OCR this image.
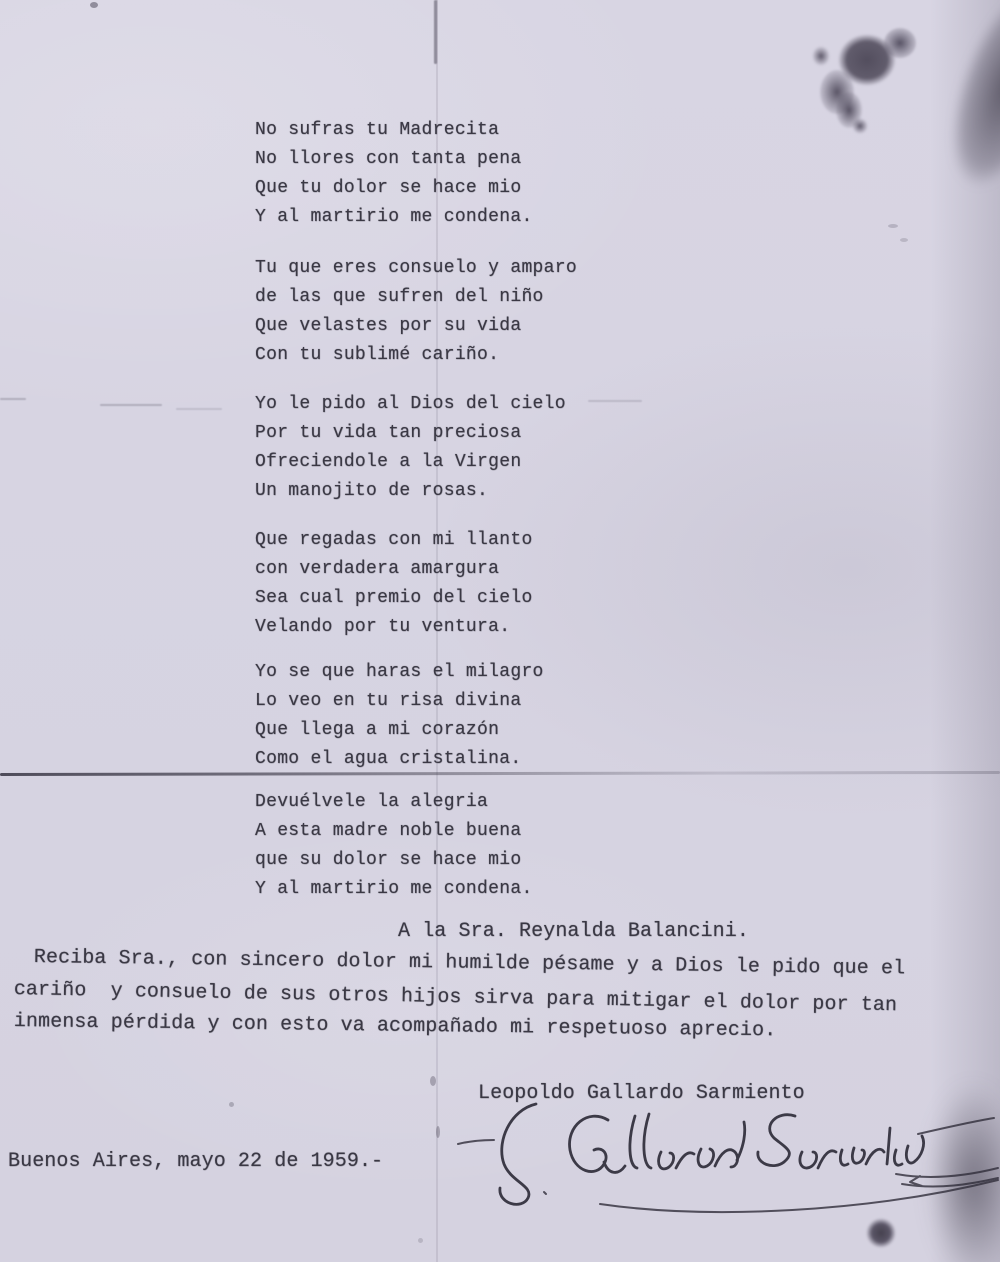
No sufras tu Madrecita
No llores con tanta pena
Que tu dolor se hace mio
Y al martirio me condena.
Tu que eres consuelo y amparo
de las que sufren del niño
Que velastes por su vida
Con tu sublimé cariño.
Yo le pido al Dios del cielo
Por tu vida tan preciosa
Ofreciendole a la Virgen
Un manojito de rosas.
Que regadas con mi llanto
con verdadera amargura
Sea cual premio del cielo
Velando por tu ventura.
Yo se que haras el milagro
Lo veo en tu risa divina
Que llega a mi corazón
Como el agua cristalina.
Devuélvele la alegria
A esta madre noble buena
que su dolor se hace mio
Y al martirio me condena.
A la Sra. Reynalda Balancini.
Reciba Sra., con sincero dolor mi humilde pésame y a Dios le pido que el
cariño  y consuelo de sus otros hijos sirva para mitigar el dolor por tan
inmensa pérdida y con esto va acompañado mi respetuoso aprecio.
Leopoldo Gallardo Sarmiento
Buenos Aires, mayo 22 de 1959.-
